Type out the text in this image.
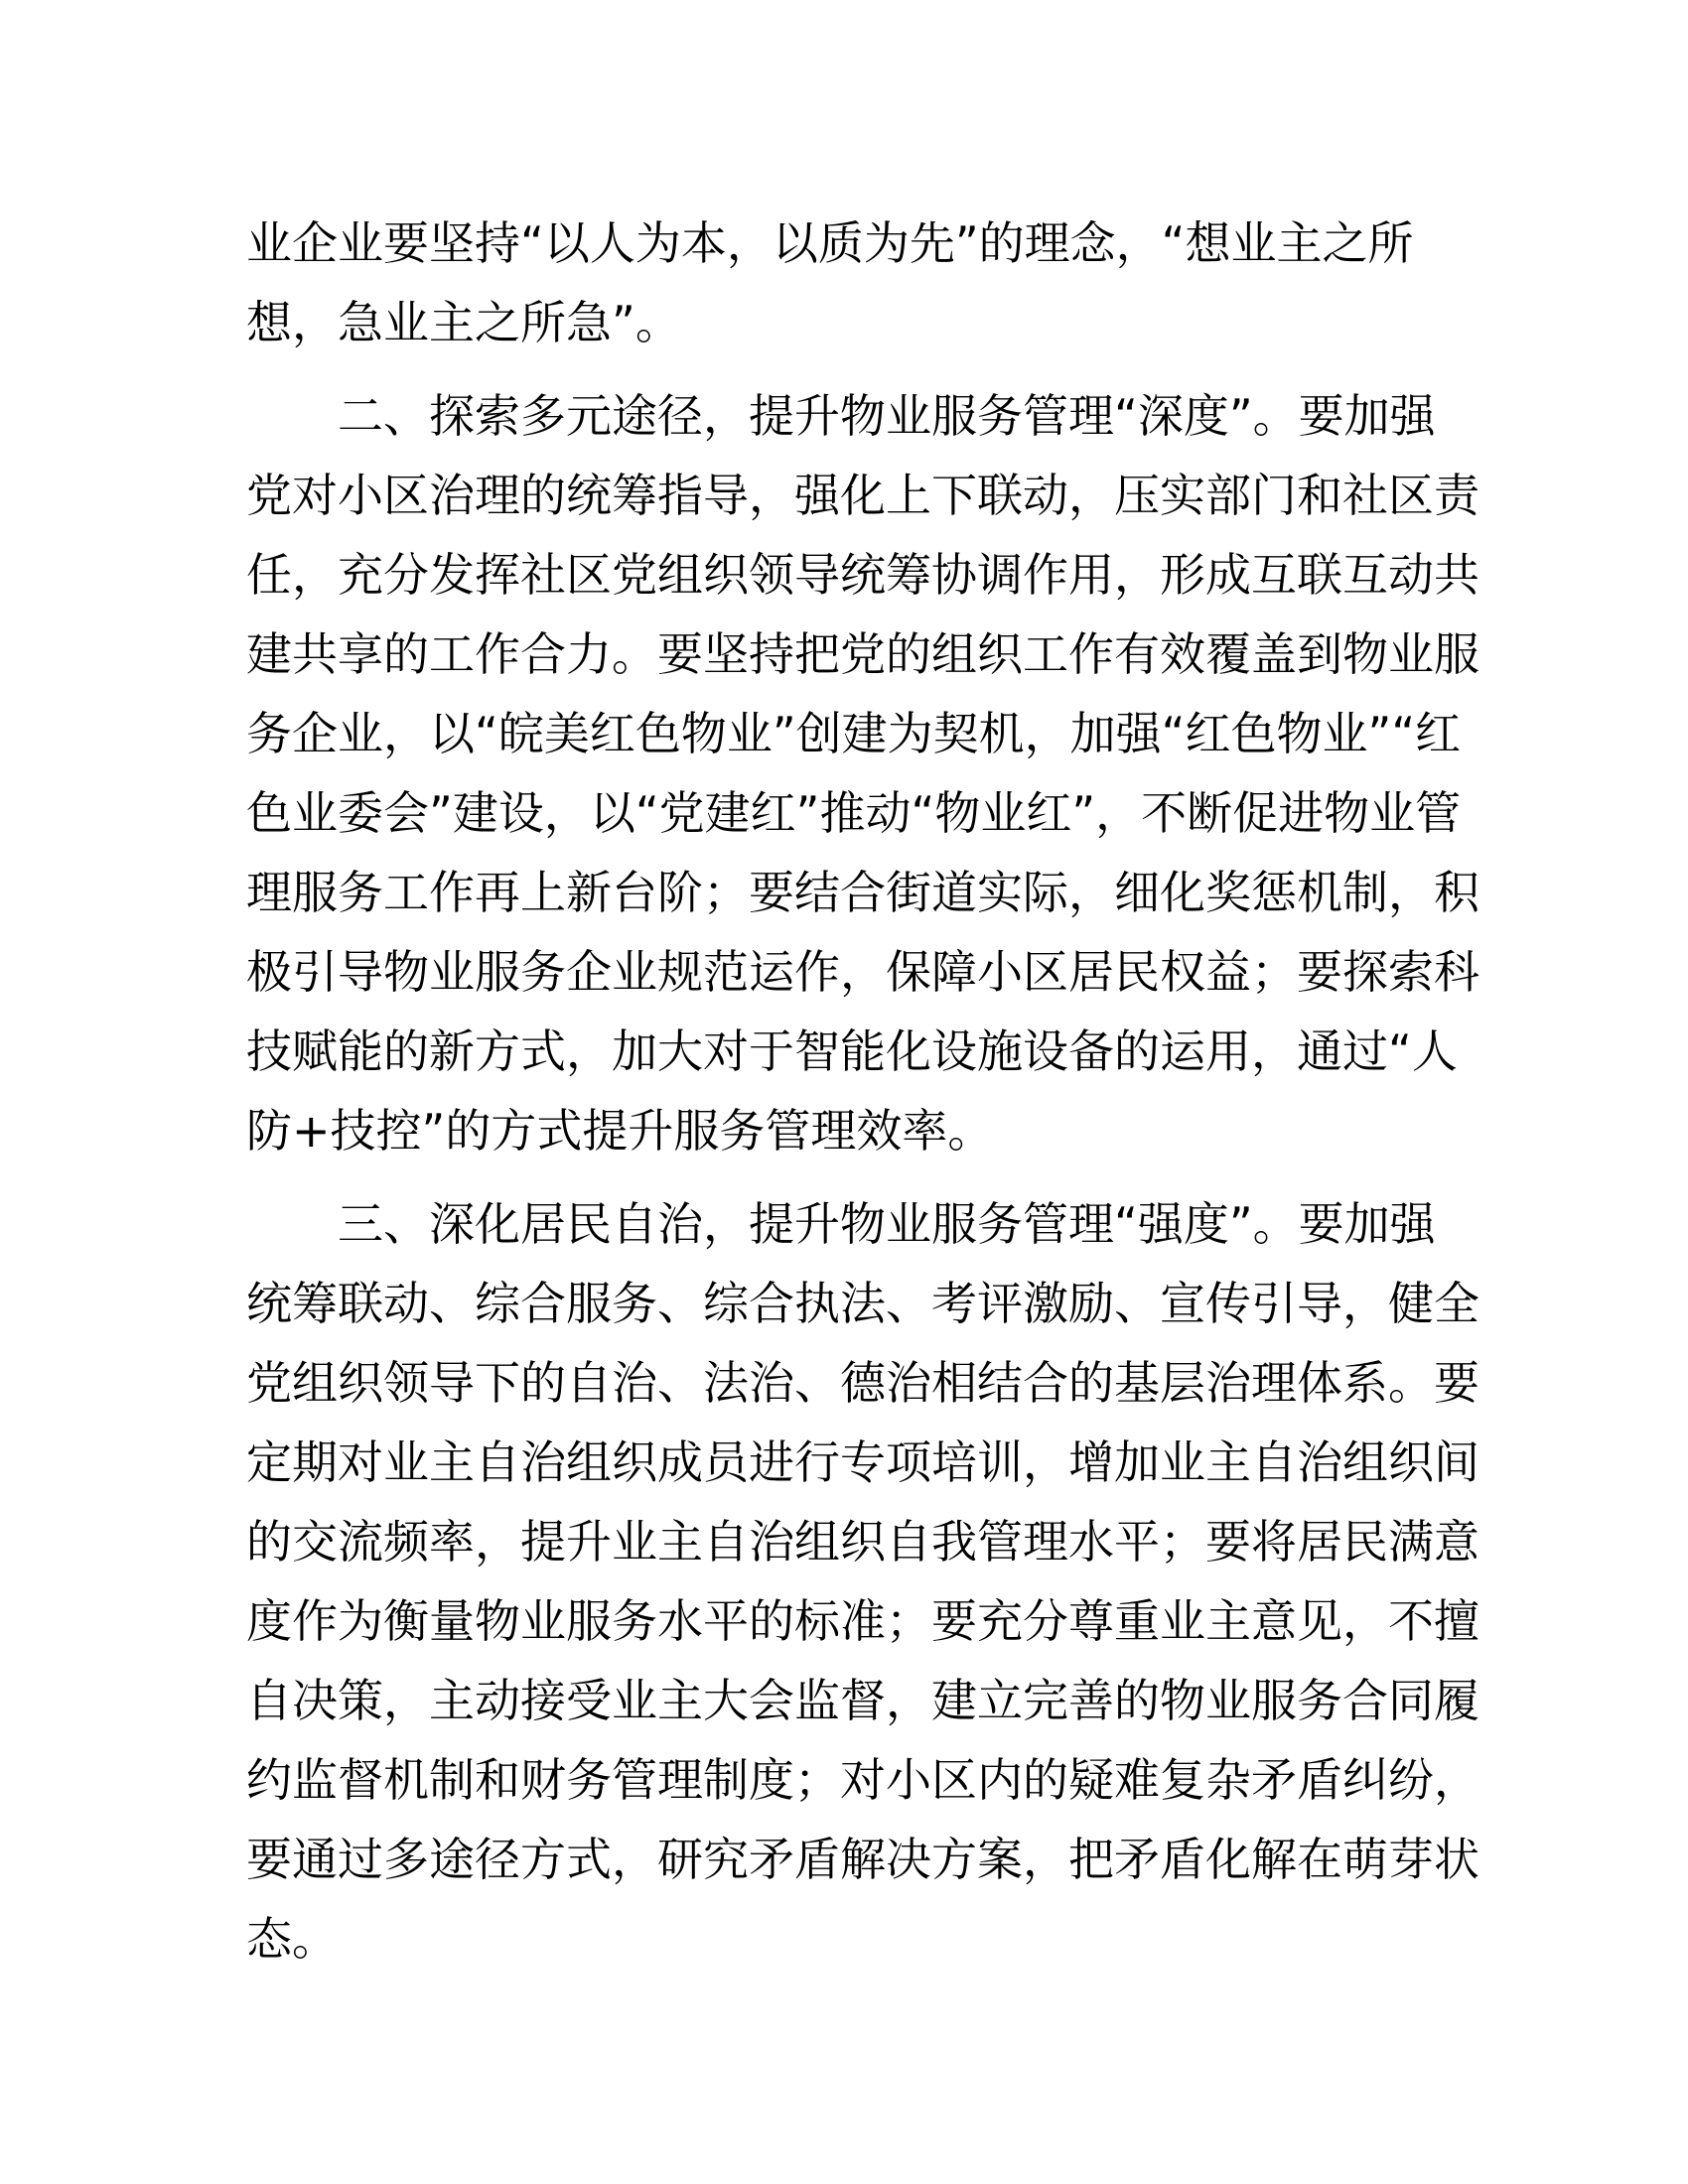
业企业要坚持“以人为本，以质为先”的理念，“想业主之所
想，急业主之所急”。
二、探索多元途径，提升物业服务管理“深度”。要加强
党对小区治理的统筹指导，强化上下联动，压实部门和社区责
任，充分发挥社区党组织领导统筹协调作用，形成互联互动共
建共享的工作合力。要坚持把党的组织工作有效覆盖到物业服
务企业，以“皖美红色物业”创建为契机，加强“红色物业”“红
色业委会”建设，以“党建红”推动“物业红”，不断促进物业管
理服务工作再上新台阶；要结合街道实际，细化奖惩机制，积
极引导物业服务企业规范运作，保障小区居民权益；要探索科
技赋能的新方式，加大对于智能化设施设备的运用，通过“人
防+技控”的方式提升服务管理效率。
三、深化居民自治，提升物业服务管理“强度”。要加强
统筹联动、综合服务、综合执法、考评激励、宣传引导，健全
党组织领导下的自治、法治、德治相结合的基层治理体系。要
定期对业主自治组织成员进行专项培训，增加业主自治组织间
的交流频率，提升业主自治组织自我管理水平；要将居民满意
度作为衡量物业服务水平的标准；要充分尊重业主意见，不擅
自决策，主动接受业主大会监督，建立完善的物业服务合同履
约监督机制和财务管理制度；对小区内的疑难复杂矛盾纠纷，
要通过多途径方式，研究矛盾解决方案，把矛盾化解在萌芽状
态。
